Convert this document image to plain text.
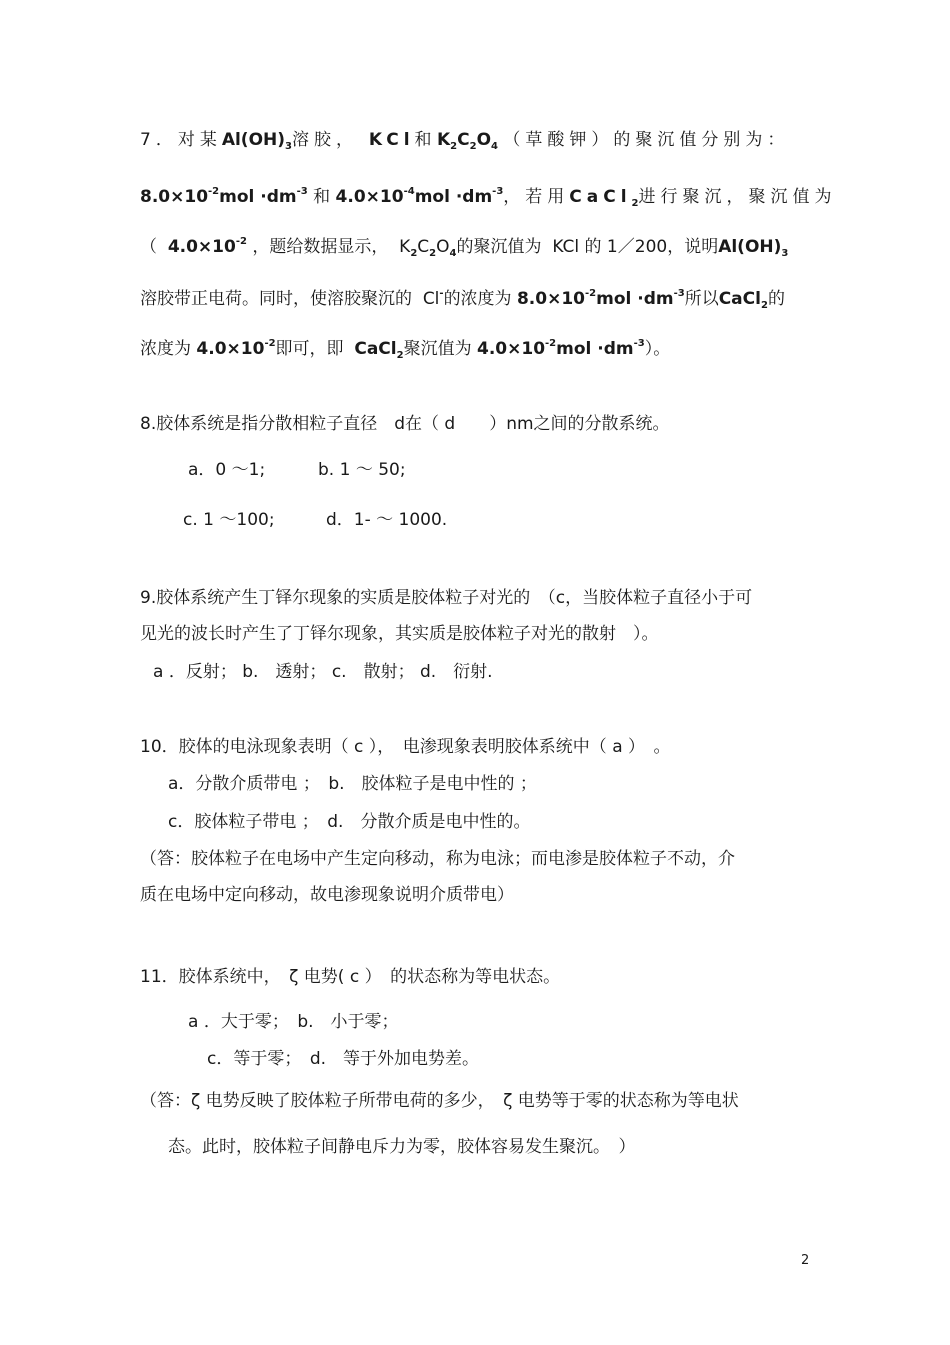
7．对某$Al(OH)_3$溶胶， KCl和 $K_2C_2O_4$ （草酸钾）的聚沉值分别为：
$8.0\times 10^{-2}mol \cdot dm^{-3}$ 和 $4.0\times 10^{-4}mol \cdot dm^{-3}$，若用CaCl$_2$进行聚沉，聚沉值为
（ $4.0\times 10^{-2}$ ，题给数据显示， $K_2C_2O_4$的聚沉值为 KCl 的 1／200，说明$Al(OH)_3$
溶胶带正电荷。同时，使溶胶聚沉的 Cl-的浓度为 $8.0\times 10^{-2}mol \cdot dm^{-3}$所以CaCl$_2$的
浓度为 $4.0\times 10^{-2}$即可，即 CaCl$_2$聚沉值为 $4.0\times 10^{-2}mol \cdot dm^{-3}$）。
8.胶体系统是指分散相粒子直径　d在（ d　　）nm之间的分散系统。
a．0 ～1;	b. 1 ～ 50;
c. 1 ～100;	d．1- ～ 1000.
9.胶体系统产生丁铎尔现象的实质是胶体粒子对光的　（c，当胶体粒子直径小于可
见光的波长时产生了丁铎尔现象，其实质是胶体粒子对光的散射　）。
a ．反射； b.　透射； c.　散射； d.　衍射.
10．胶体的电泳现象表明（ c ），　电渗现象表明胶体系统中（ a ）　。
a．分散介质带电 ；　b.　胶体粒子是电中性的 ；
c．胶体粒子带电 ；　d.　分散介质是电中性的。
（答：胶体粒子在电场中产生定向移动，称为电泳；而电渗是胶体粒子不动，介
质在电场中定向移动，故电渗现象说明介质带电）
11．胶体系统中，　ζ 电势( c ）　的状态称为等电状态。
a ．大于零；　b.　小于零；
c．等于零；　d.　等于外加电势差。
（答：ζ 电势反映了胶体粒子所带电荷的多少，　ζ 电势等于零的状态称为等电状
态。此时，胶体粒子间静电斥力为零，胶体容易发生聚沉。　）
2
